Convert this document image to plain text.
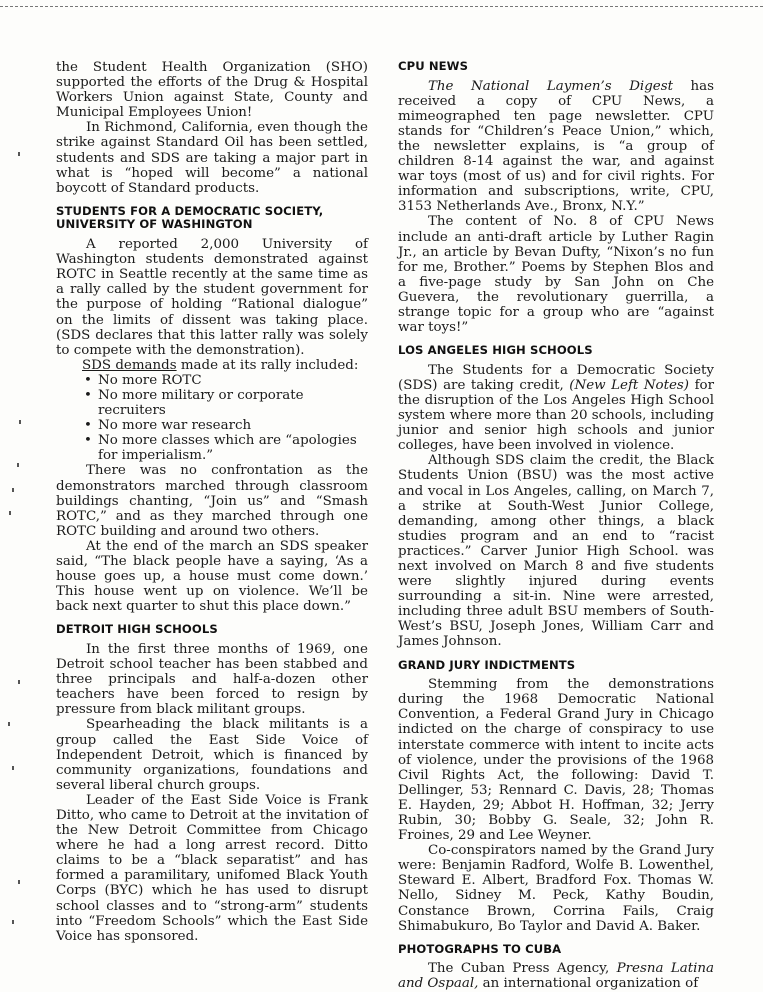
the Student Health Organization (SHO) supported the efforts of the Drug & Hospital Workers Union against State, County and Municipal Employees Union!

In Richmond, California, even though the strike against Standard Oil has been settled, students and SDS are taking a major part in what is “hoped will become” a national boycott of Standard products.

STUDENTS FOR A DEMOCRATIC SOCIETY,
UNIVERSITY OF WASHINGTON

A reported 2,000 University of Washington students demonstrated against ROTC in Seattle recently at the same time as a rally called by the student government for the purpose of holding “Rational dialogue” on the limits of dissent was taking place. (SDS declares that this latter rally was solely to compete with the demonstration).

SDS demands made at its rally included:

• No more ROTC
• No more military or corporate recruiters
• No more war research
• No more classes which are “apologies for imperialism.”

There was no confrontation as the demonstrators marched through classroom buildings chanting, “Join us” and “Smash ROTC,” and as they marched through one ROTC building and around two others.

At the end of the march an SDS speaker said, “The black people have a saying, ‘As a house goes up, a house must come down.’ This house went up on violence. We’ll be back next quarter to shut this place down.”

DETROIT HIGH SCHOOLS

In the first three months of 1969, one Detroit school teacher has been stabbed and three principals and half-a-dozen other teachers have been forced to resign by pressure from black militant groups.

Spearheading the black militants is a group called the East Side Voice of Independent Detroit, which is financed by community organizations, foundations and several liberal church groups.

Leader of the East Side Voice is Frank Ditto, who came to Detroit at the invitation of the New Detroit Committee from Chicago where he had a long arrest record. Ditto claims to be a “black separatist” and has formed a paramilitary, unifomed Black Youth Corps (BYC) which he has used to disrupt school classes and to “strong-arm” students into “Freedom Schools” which the East Side Voice has sponsored.

CPU NEWS

The National Laymen’s Digest has received a copy of CPU News, a mimeographed ten page newsletter. CPU stands for “Children’s Peace Union,” which, the newsletter explains, is “a group of children 8-14 against the war, and against war toys (most of us) and for civil rights. For information and subscriptions, write, CPU, 3153 Netherlands Ave., Bronx, N.Y.”

The content of No. 8 of CPU News include an anti-draft article by Luther Ragin Jr., an article by Bevan Dufty, “Nixon’s no fun for me, Brother.” Poems by Stephen Blos and a five-page study by San John on Che Guevera, the revolutionary guerrilla, a strange topic for a group who are “against war toys!”

LOS ANGELES HIGH SCHOOLS

The Students for a Democratic Society (SDS) are taking credit, (New Left Notes) for the disruption of the Los Angeles High School system where more than 20 schools, including junior and senior high schools and junior colleges, have been involved in violence.

Although SDS claim the credit, the Black Students Union (BSU) was the most active and vocal in Los Angeles, calling, on March 7, a strike at South-West Junior College, demanding, among other things, a black studies program and an end to “racist practices.” Carver Junior High School. was next involved on March 8 and five students were slightly injured during events surrounding a sit-in. Nine were arrested, including three adult BSU members of South-West’s BSU, Joseph Jones, William Carr and James Johnson.

GRAND JURY INDICTMENTS

Stemming from the demonstrations during the 1968 Democratic National Convention, a Federal Grand Jury in Chicago indicted on the charge of conspiracy to use interstate commerce with intent to incite acts of violence, under the provisions of the 1968 Civil Rights Act, the following: David T. Dellinger, 53; Rennard C. Davis, 28; Thomas E. Hayden, 29; Abbot H. Hoffman, 32; Jerry Rubin, 30; Bobby G. Seale, 32; John R. Froines, 29 and Lee Weyner.

Co-conspirators named by the Grand Jury were: Benjamin Radford, Wolfe B. Lowenthel, Steward E. Albert, Bradford Fox. Thomas W. Nello, Sidney M. Peck, Kathy Boudin, Constance Brown, Corrina Fails, Craig Shimabukuro, Bo Taylor and David A. Baker.

PHOTOGRAPHS TO CUBA

The Cuban Press Agency, Presna Latina and Ospaal, an international organization of
